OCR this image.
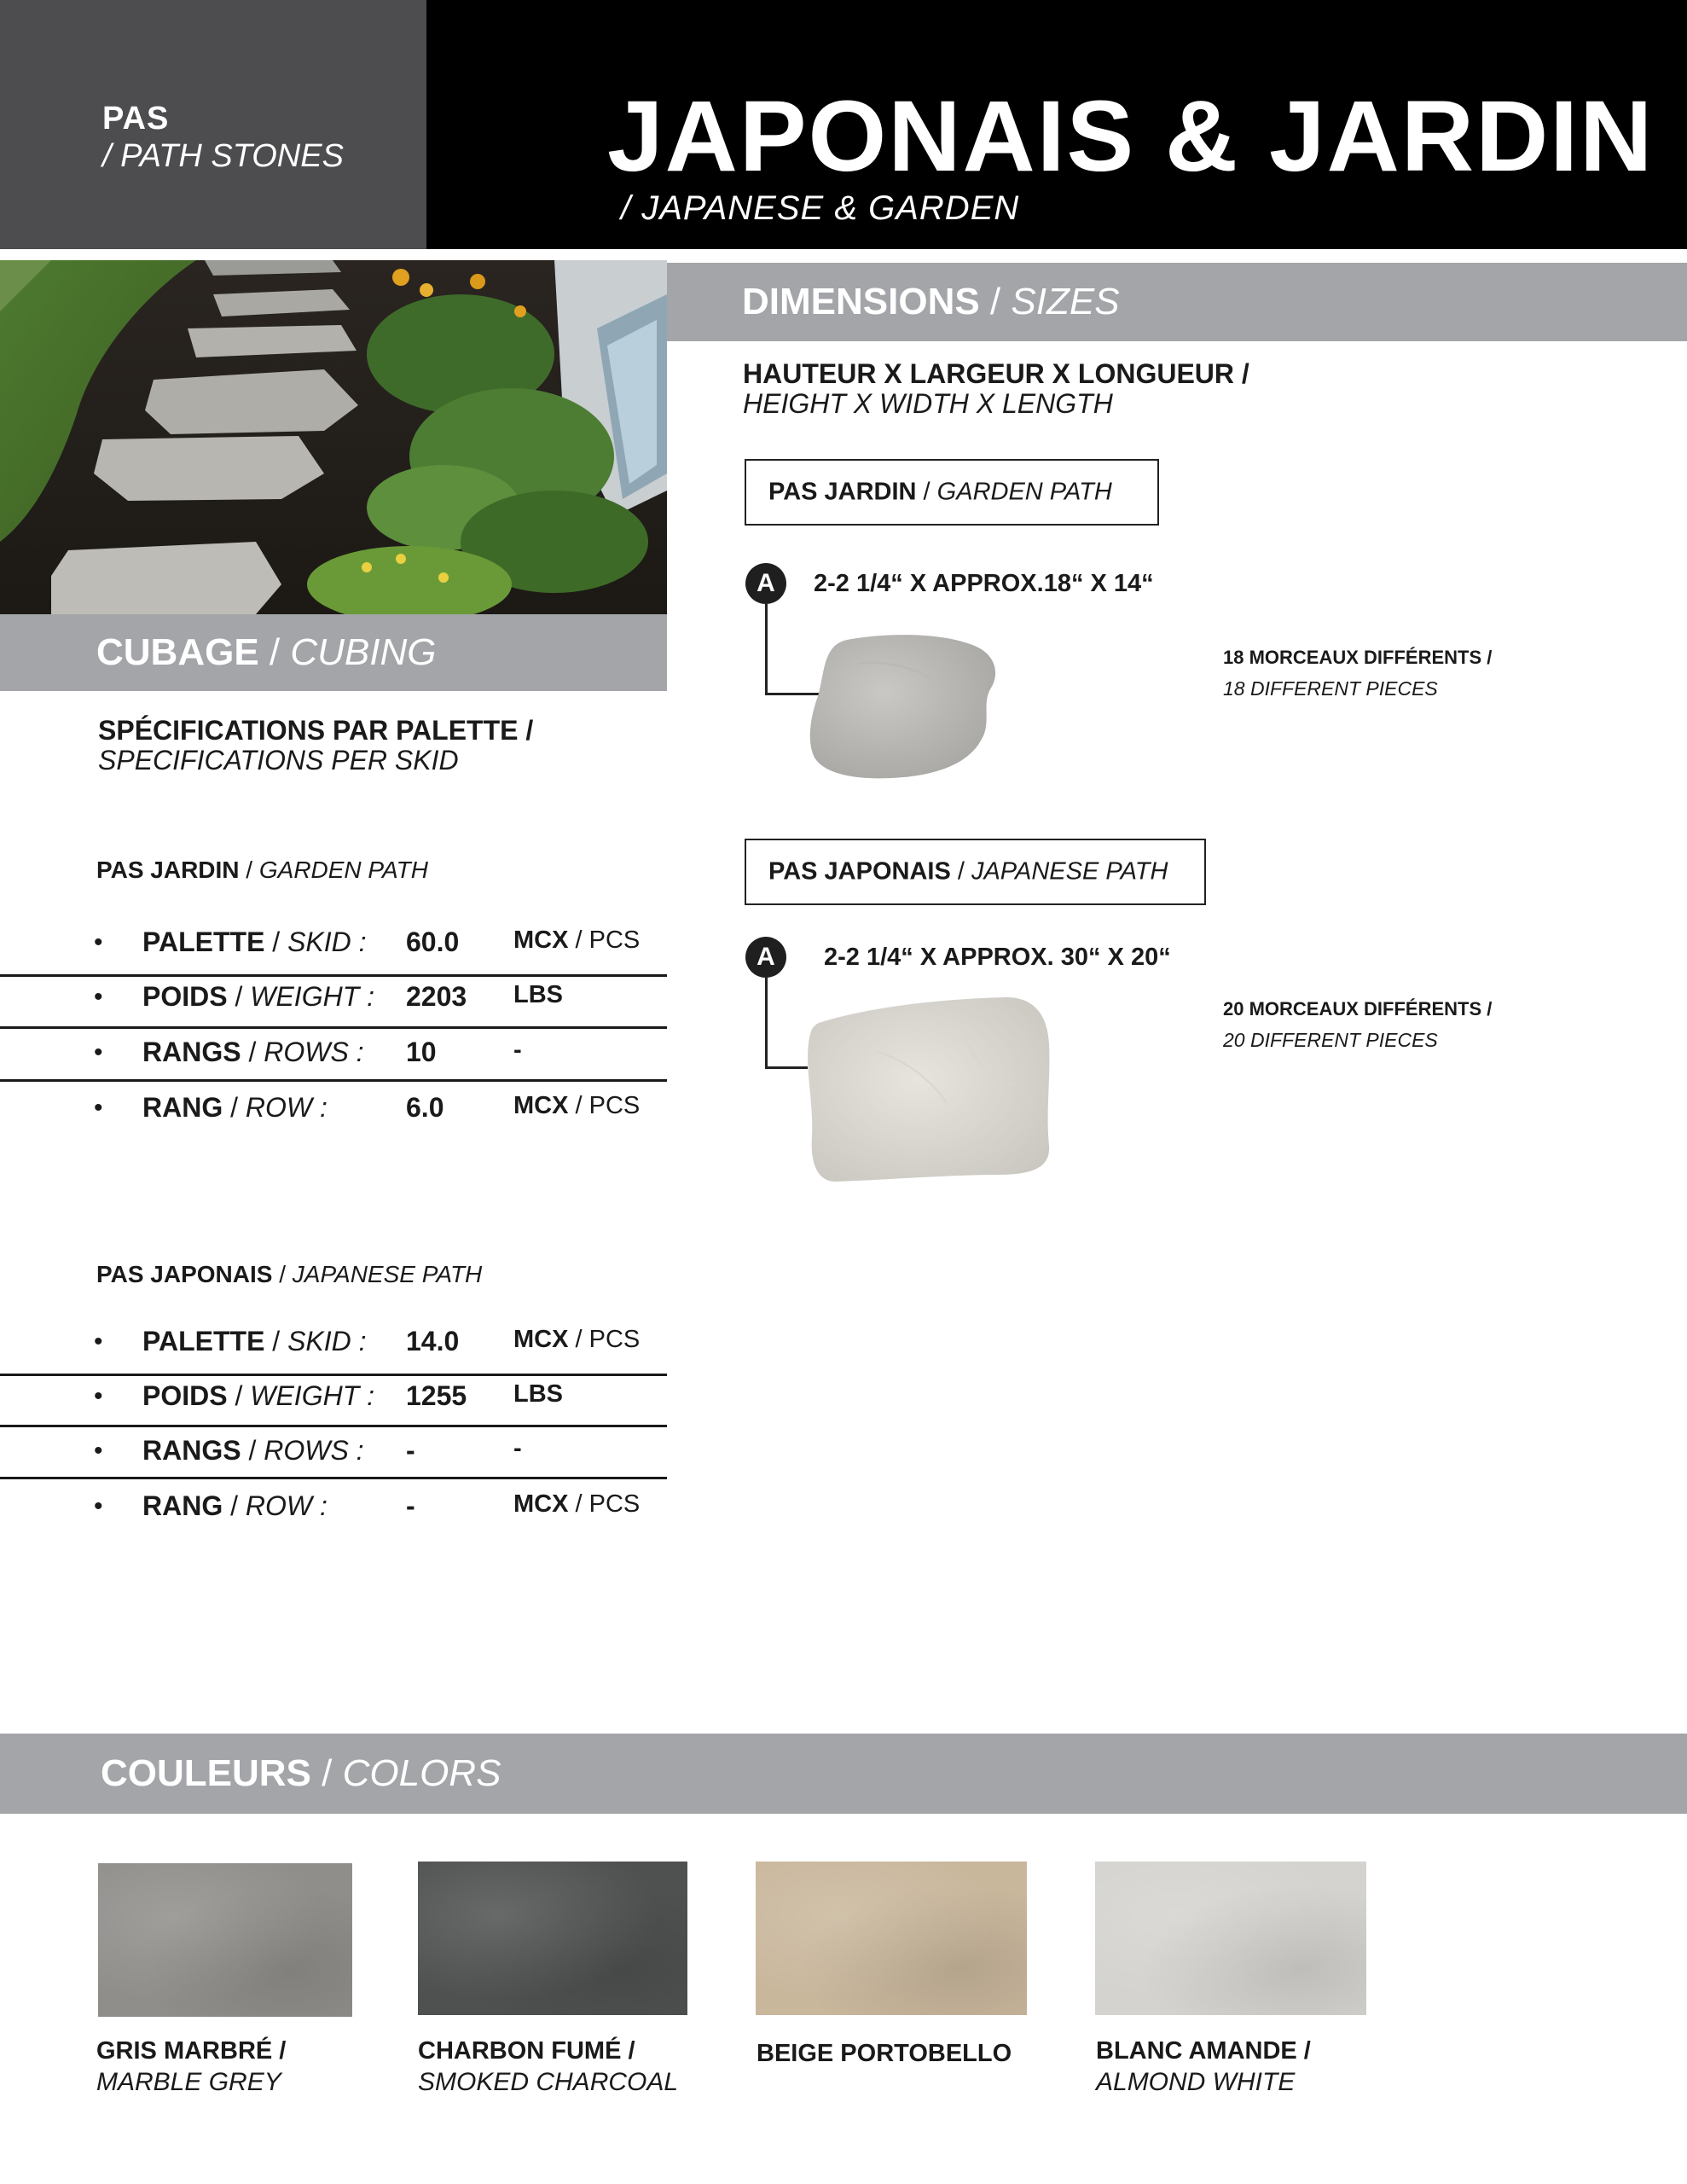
PAS
/ PATH STONES	JAPONAIS & JARDIN
/ JAPANESE & GARDEN
CUBAGE / CUBING
SPÉCIFICATIONS PAR PALETTE /
SPECIFICATIONS PER SKID
PAS JARDIN / GARDEN PATH
• PALETTE / SKID : 60.0 MCX / PCS
• POIDS / WEIGHT : 2203 LBS
• RANGS / ROWS : 10	-
• RANG / ROW :	6.0	MCX / PCS
PAS JAPONAIS / JAPANESE PATH
• PALETTE / SKID : 14.0 MCX / PCS
• POIDS / WEIGHT : 1255 LBS
• RANGS / ROWS : -	-
• RANG / ROW :	-	MCX / PCS
DIMENSIONS / SIZES
HAUTEUR X LARGEUR X LONGUEUR /
HEIGHT X WIDTH X LENGTH
PAS JARDIN / GARDEN PATH
A	2-2 1/4“ X APPROX.18“ X 14“
18 MORCEAUX DIFFÉRENTS /
18 DIFFERENT PIECES
PAS JAPONAIS / JAPANESE PATH
A	2-2 1/4“ X APPROX. 30“ X 20“
20 MORCEAUX DIFFÉRENTS /
20 DIFFERENT PIECES
COULEURS / COLORS
GRIS MARBRÉ /
MARBLE GREY
CHARBON FUMÉ /
SMOKED CHARCOAL
BEIGE PORTOBELLO	BLANC AMANDE /
ALMOND WHITE
